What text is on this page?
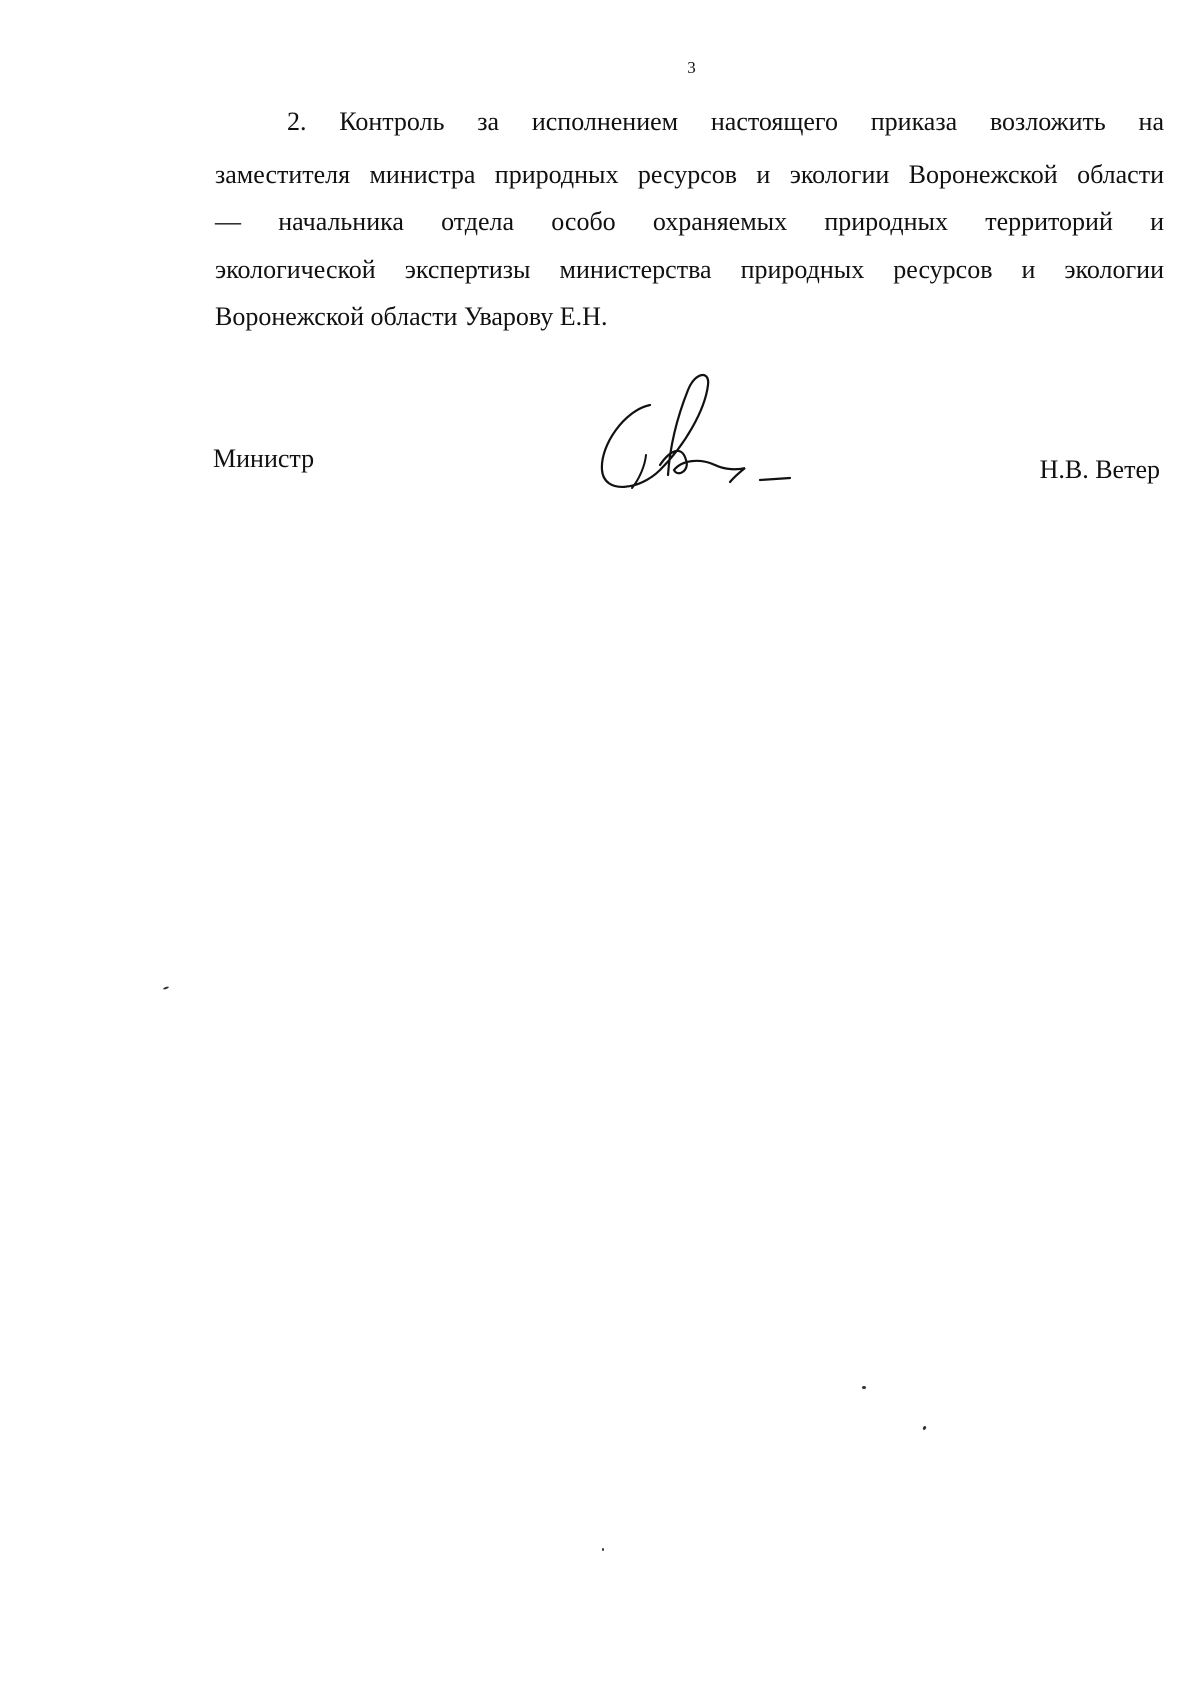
3
2. Контроль за исполнением настоящего приказа возложить на
заместителя министра природных ресурсов и экологии Воронежской области
— начальника отдела особо охраняемых природных территорий и
экологической экспертизы министерства природных ресурсов и экологии
Воронежской области Уварову Е.Н.
Министр	Н.В. Ветер
